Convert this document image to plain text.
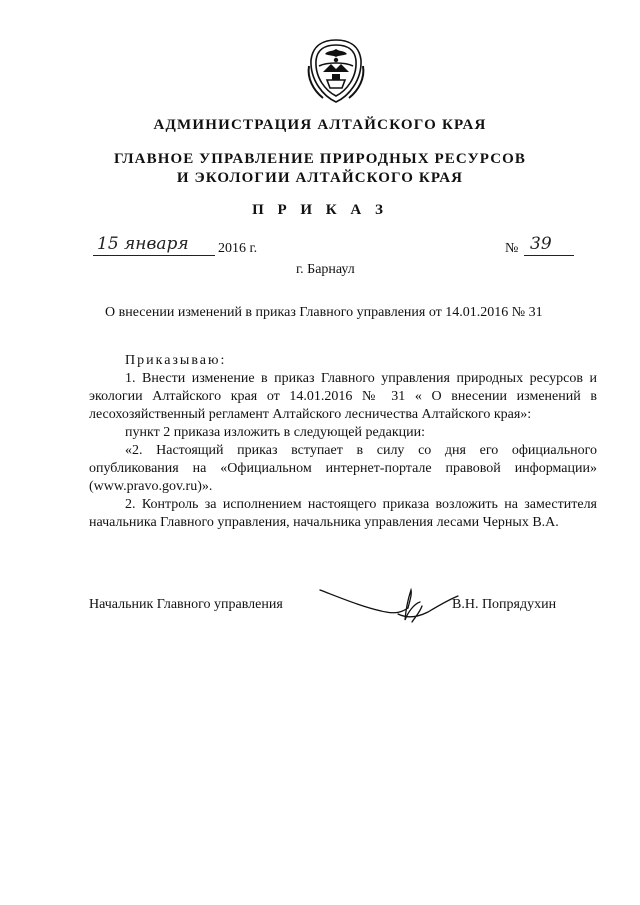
АДМИНИСТРАЦИЯ АЛТАЙСКОГО КРАЯ
ГЛАВНОЕ УПРАВЛЕНИЕ ПРИРОДНЫХ РЕСУРСОВ
И ЭКОЛОГИИ АЛТАЙСКОГО КРАЯ
П Р И К А З
15 января 2016 г.	№ 39
г. Барнаул
О внесении изменений в приказ Главного управления от 14.01.2016 № 31

Приказываю:

1. Внести изменение в приказ Главного управления природных ресурсов и экологии Алтайского края от 14.01.2016 № 31 « О внесении изменений в лесохозяйственный регламент Алтайского лесничества Алтайского края»:

пункт 2 приказа изложить в следующей редакции:

«2. Настоящий приказ вступает в силу со дня его официального опубликования на «Официальном интернет-портале правовой информации» (www.pravo.gov.ru)».

2. Контроль за исполнением настоящего приказа возложить на заместителя начальника Главного управления, начальника управления лесами Черных В.А.

Начальник Главного управления	В.Н. Попрядухин
